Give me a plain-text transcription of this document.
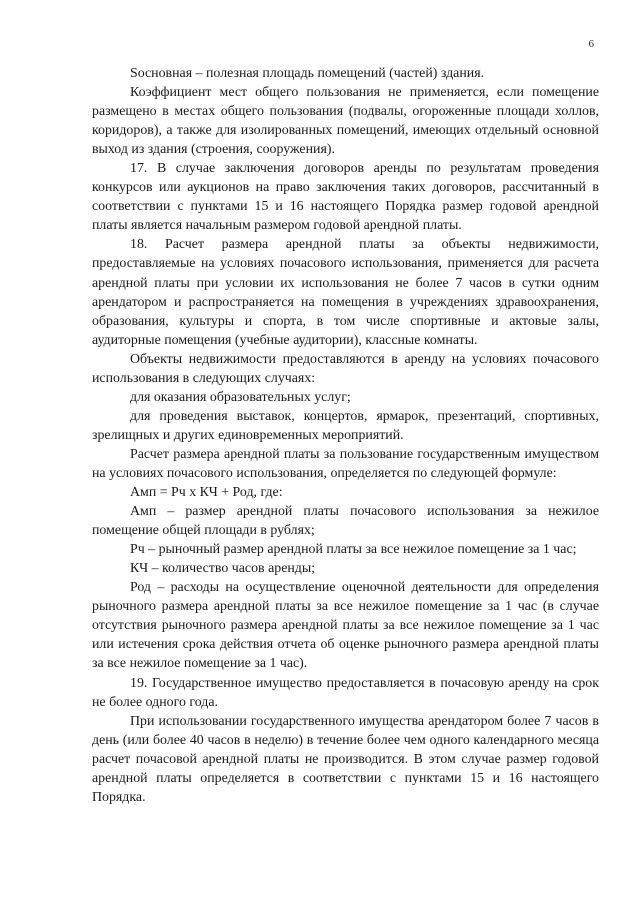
6

Sосновная – полезная площадь помещений (частей) здания.

Коэффициент мест общего пользования не применяется, если помещение размещено в местах общего пользования (подвалы, огороженные площади холлов, коридоров), а также для изолированных помещений, имеющих отдельный основной выход из здания (строения, сооружения).

17. В случае заключения договоров аренды по результатам проведения конкурсов или аукционов на право заключения таких договоров, рассчитанный в соответствии с пунктами 15 и 16 настоящего Порядка размер годовой арендной платы является начальным размером годовой арендной платы.

18. Расчет размера арендной платы за объекты недвижимости, предоставляемые на условиях почасового использования, применяется для расчета арендной платы при условии их использования не более 7 часов в сутки одним арендатором и распространяется на помещения в учреждениях здравоохранения, образования, культуры и спорта, в том числе спортивные и актовые залы, аудиторные помещения (учебные аудитории), классные комнаты.

Объекты недвижимости предоставляются в аренду на условиях почасового использования в следующих случаях:

для оказания образовательных услуг;

для проведения выставок, концертов, ярмарок, презентаций, спортивных, зрелищных и других единовременных мероприятий.

Расчет размера арендной платы за пользование государственным имуществом на условиях почасового использования, определяется по следующей формуле:

Амп = Рч х КЧ + Род, где:

Амп – размер арендной платы почасового использования за нежилое помещение общей площади в рублях;

Рч – рыночный размер арендной платы за все нежилое помещение за 1 час;

КЧ – количество часов аренды;

Род – расходы на осуществление оценочной деятельности для определения рыночного размера арендной платы за все нежилое помещение за 1 час (в случае отсутствия рыночного размера арендной платы за все нежилое помещение за 1 час или истечения срока действия отчета об оценке рыночного размера арендной платы за все нежилое помещение за 1 час).

19. Государственное имущество предоставляется в почасовую аренду на срок не более одного года.

При использовании государственного имущества арендатором более 7 часов в день (или более 40 часов в неделю) в течение более чем одного календарного месяца расчет почасовой арендной платы не производится. В этом случае размер годовой арендной платы определяется в соответствии с пунктами 15 и 16 настоящего Порядка.
